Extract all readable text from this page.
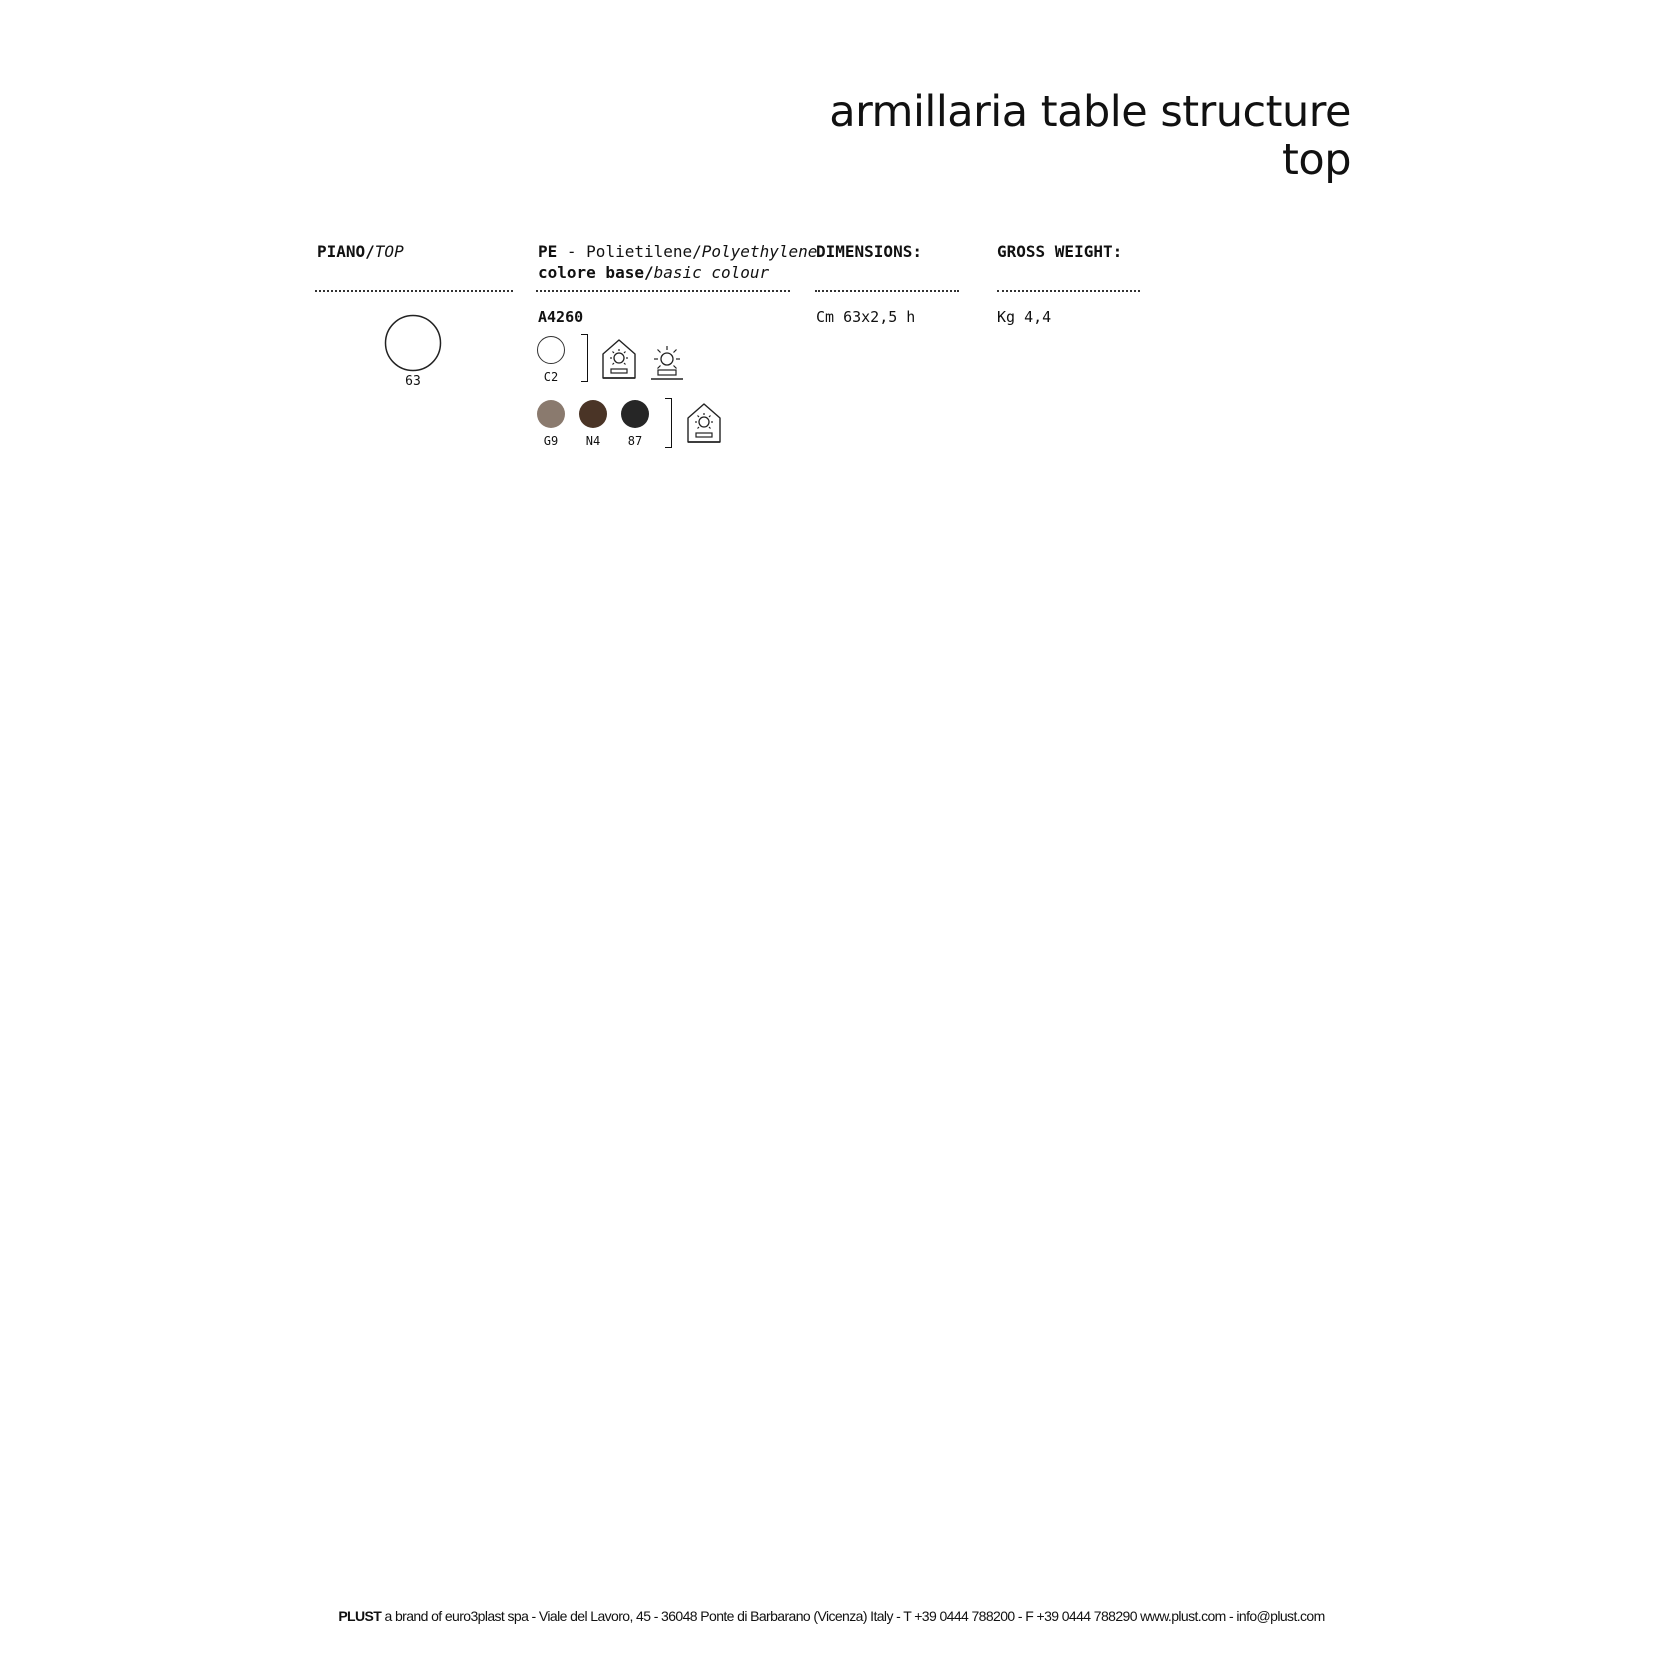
armillaria table structure
top
PIANO/TOP
63
PE - Polietilene/Polyethylene
colore base/basic colour
A4260
C2
G9	N4	87
DIMENSIONS:
Cm 63x2,5 h
GROSS WEIGHT:
Kg 4,4
PLUST a brand of euro3plast spa - Viale del Lavoro, 45 - 36048 Ponte di Barbarano (Vicenza) Italy - T +39 0444 788200 - F +39 0444 788290 www.plust.com - info@plust.com
